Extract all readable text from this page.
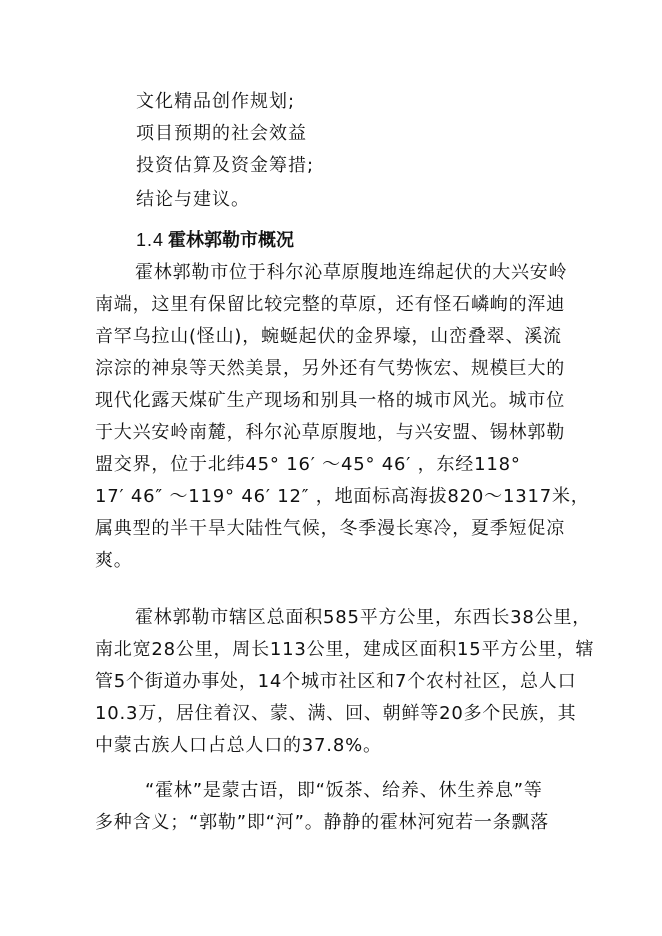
文化精品创作规划;
项目预期的社会效益
投资估算及资金筹措;
结论与建议。
1.4 霍林郭勒市概况
霍林郭勒市位于科尔沁草原腹地连绵起伏的大兴安岭
南端，这里有保留比较完整的草原，还有怪石嶙峋的浑迪
音罕乌拉山(怪山)，蜿蜒起伏的金界壕，山峦叠翠、溪流
淙淙的神泉等天然美景，另外还有气势恢宏、规模巨大的
现代化露天煤矿生产现场和别具一格的城市风光。城市位
于大兴安岭南麓，科尔沁草原腹地，与兴安盟、锡林郭勒
盟交界，位于北纬45° 16′ ～45° 46′ ，东经118°
17′ 46″ ～119° 46′ 12″ ，地面标高海拔820～1317米，
属典型的半干旱大陆性气候，冬季漫长寒冷，夏季短促凉
爽。
霍林郭勒市辖区总面积585平方公里，东西长38公里，
南北宽28公里，周长113公里，建成区面积15平方公里，辖
管5个街道办事处，14个城市社区和7个农村社区，总人口
10.3万，居住着汉、蒙、满、回、朝鲜等20多个民族，其
中蒙古族人口占总人口的37.8%。
“霍林”是蒙古语，即“饭茶、给养、休生养息”等
多种含义；“郭勒”即“河”。静静的霍林河宛若一条飘落
